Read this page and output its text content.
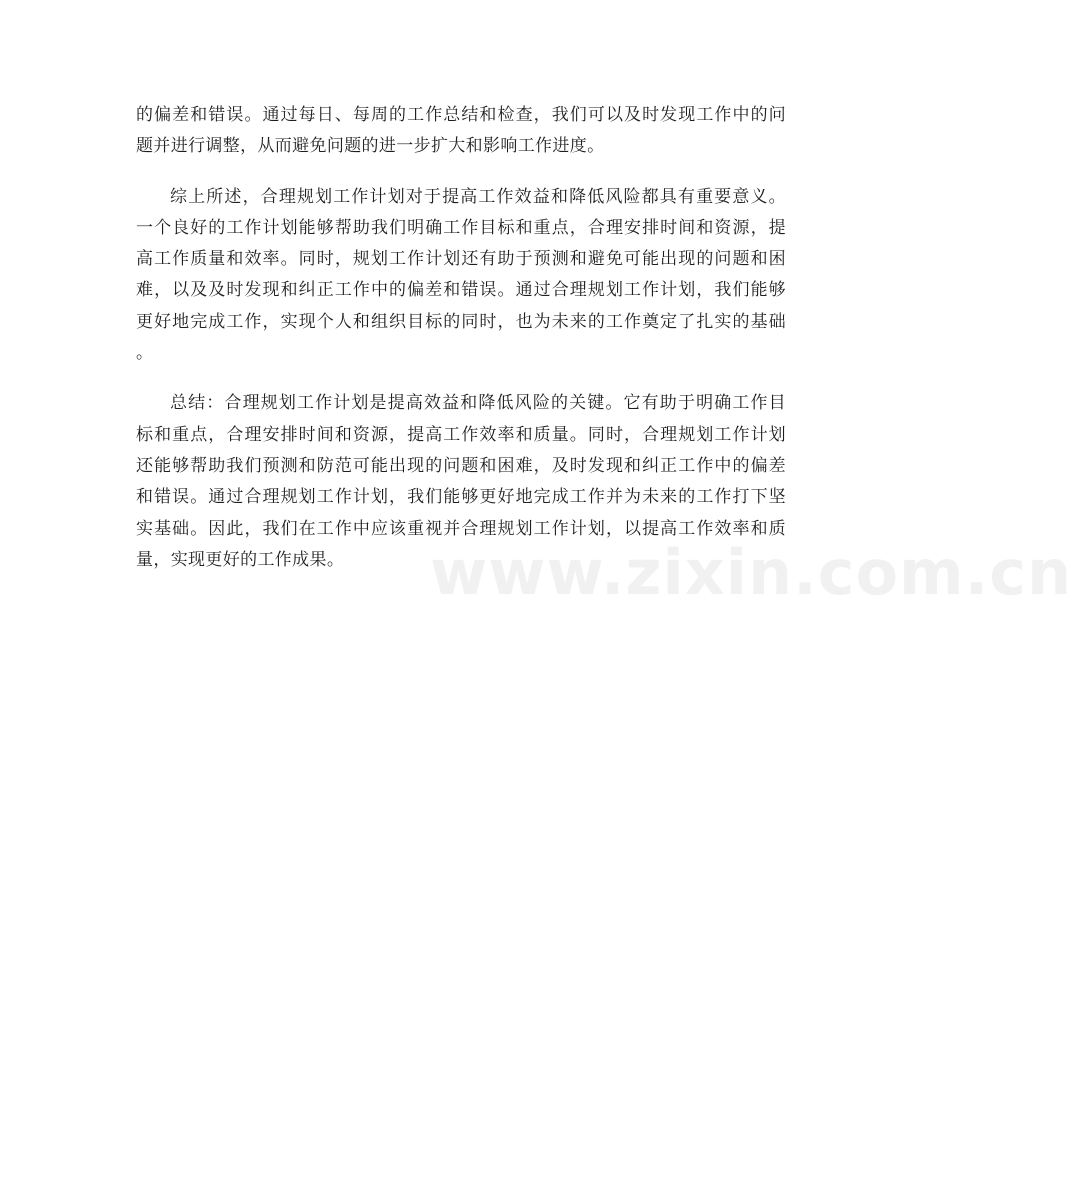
www.zixin.com.cn
的偏差和错误。通过每日、每周的工作总结和检查，我们可以及时发现工作中的问
题并进行调整，从而避免问题的进一步扩大和影响工作进度。
综上所述，合理规划工作计划对于提高工作效益和降低风险都具有重要意义。
一个良好的工作计划能够帮助我们明确工作目标和重点，合理安排时间和资源，提
高工作质量和效率。同时，规划工作计划还有助于预测和避免可能出现的问题和困
难，以及及时发现和纠正工作中的偏差和错误。通过合理规划工作计划，我们能够
更好地完成工作，实现个人和组织目标的同时，也为未来的工作奠定了扎实的基础
。
总结：合理规划工作计划是提高效益和降低风险的关键。它有助于明确工作目
标和重点，合理安排时间和资源，提高工作效率和质量。同时，合理规划工作计划
还能够帮助我们预测和防范可能出现的问题和困难，及时发现和纠正工作中的偏差
和错误。通过合理规划工作计划，我们能够更好地完成工作并为未来的工作打下坚
实基础。因此，我们在工作中应该重视并合理规划工作计划，以提高工作效率和质
量，实现更好的工作成果。
